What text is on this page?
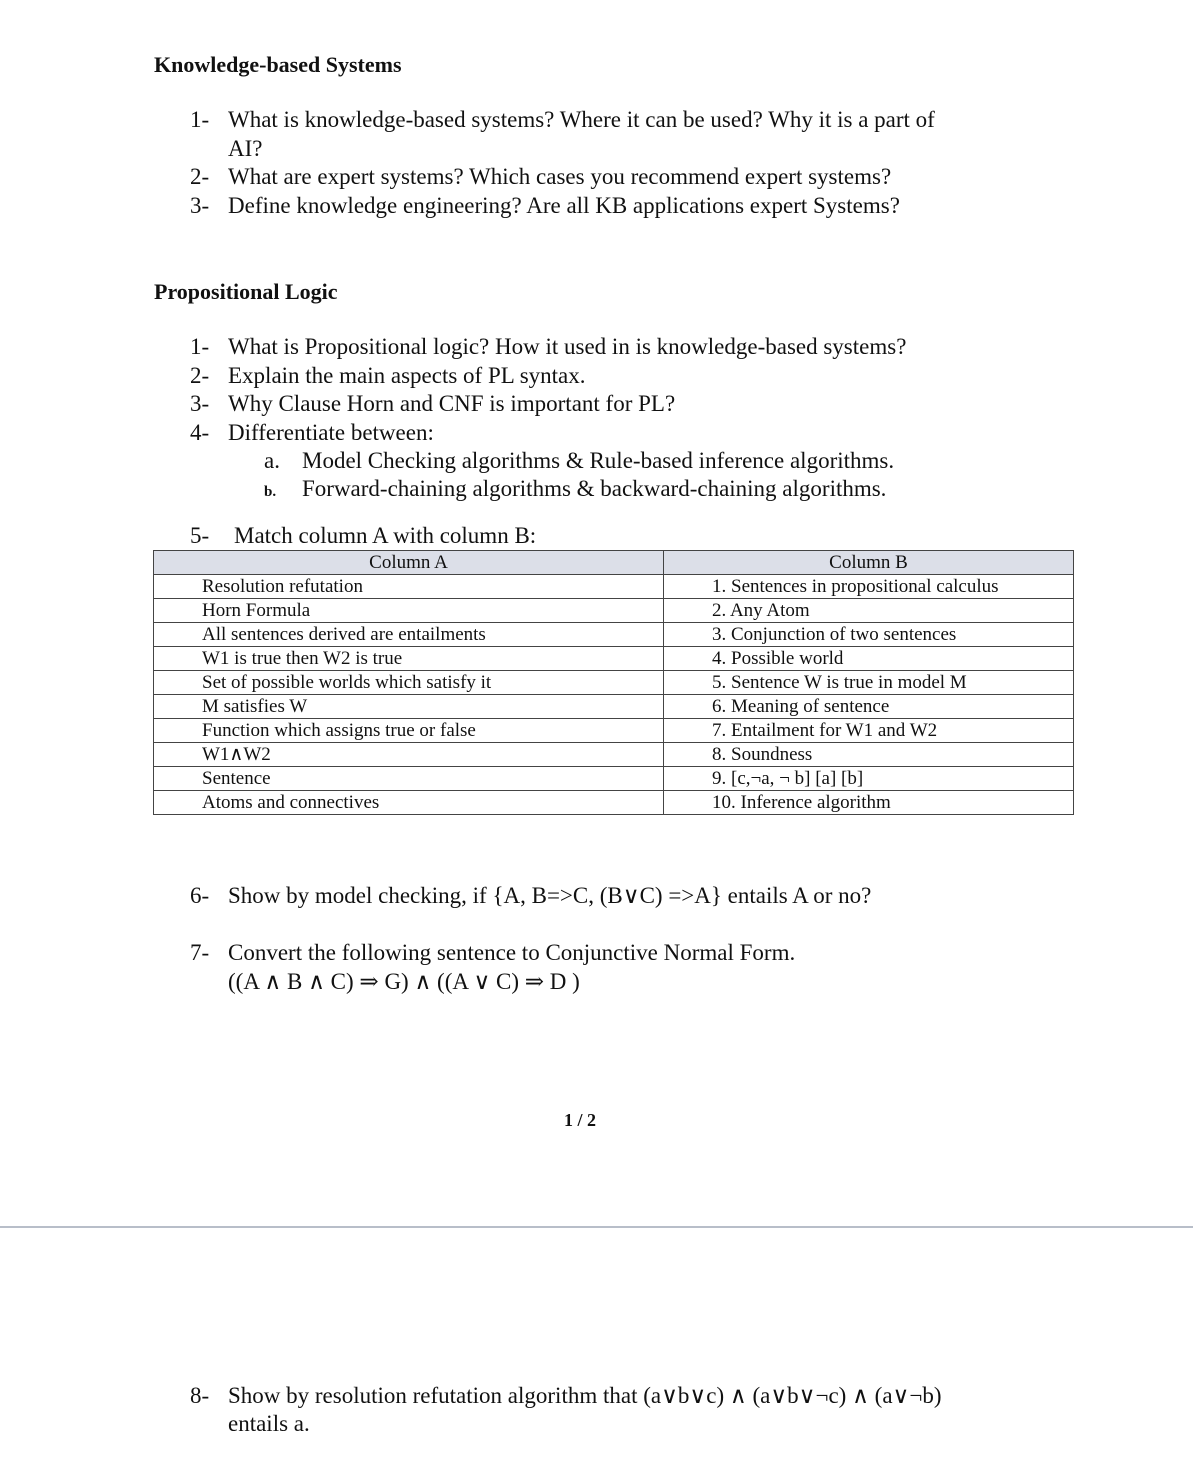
Knowledge-based Systems
1- What is knowledge-based systems? Where it can be used? Why it is a part of
AI?
2- What are expert systems? Which cases you recommend expert systems?
3- Define knowledge engineering? Are all KB applications expert Systems?
Propositional Logic
1- What is Propositional logic? How it used in is knowledge-based systems?
2- Explain the main aspects of PL syntax.
3- Why Clause Horn and CNF is important for PL?
4- Differentiate between:
a. Model Checking algorithms & Rule-based inference algorithms.
b. Forward-chaining algorithms & backward-chaining algorithms.
5- Match column A with column B:
Column A	Column B
Resolution refutation	1. Sentences in propositional calculus
Horn Formula	2. Any Atom
All sentences derived are entailments	3. Conjunction of two sentences
W1 is true then W2 is true	4. Possible world
Set of possible worlds which satisfy it	5. Sentence W is true in model M
M satisfies W	6. Meaning of sentence
Function which assigns true or false	7. Entailment for W1 and W2
W1∧W2	8. Soundness
Sentence	9. [c,¬a, ¬ b] [a] [b]
Atoms and connectives	10. Inference algorithm
6- Show by model checking, if {A, B=>C, (B∨C) =>A} entails A or no?
7- Convert the following sentence to Conjunctive Normal Form.
((A ∧ B ∧ C) ⇒ G) ∧ ((A ∨ C) ⇒ D )
1 / 2
8- Show by resolution refutation algorithm that (a∨b∨c) ∧ (a∨b∨¬c) ∧ (a∨¬b)
entails a.
